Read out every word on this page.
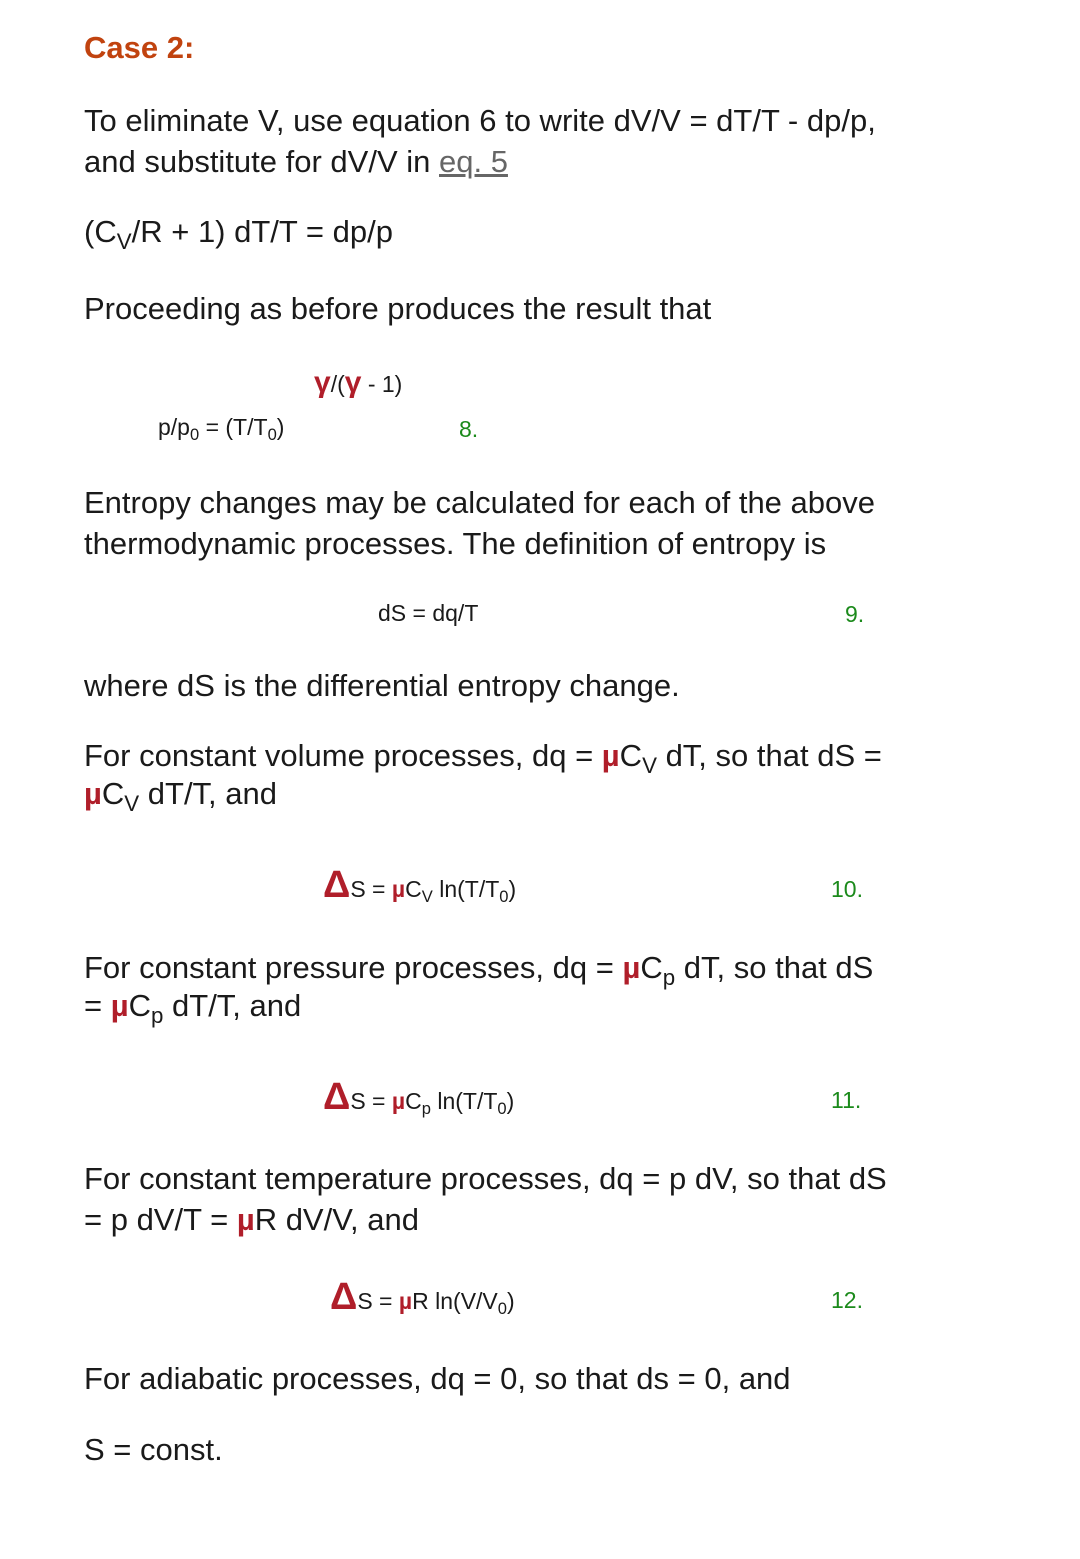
Case 2:
To eliminate V, use equation 6 to write dV/V = dT/T - dp/p,
and substitute for dV/V in eq. 5
$(C_V/R + 1) dT/T = dp/p$
Proceeding as before produces the result that
γ/(γ - 1)
$p/p_0 = (T/T_0)$	8.
Entropy changes may be calculated for each of the above
thermodynamic processes. The definition of entropy is
dS = dq/T	9.
where dS is the differential entropy change.
For constant volume processes, dq = µC$_V$ dT, so that dS =
µC$_V$ dT/T, and
ΔS = µC$_V$ $\ln(T/T_0)$	10.
For constant pressure processes, dq = µC$_p$ dT, so that dS
= µC$_p$ dT/T, and
ΔS = µC$_p$ $\ln(T/T_0)$	11.
For constant temperature processes, dq = p dV, so that dS
= p dV/T = µR dV/V, and
ΔS = µR $\ln(V/V_0)$	12.
For adiabatic processes, dq = 0, so that ds = 0, and
S = const.
